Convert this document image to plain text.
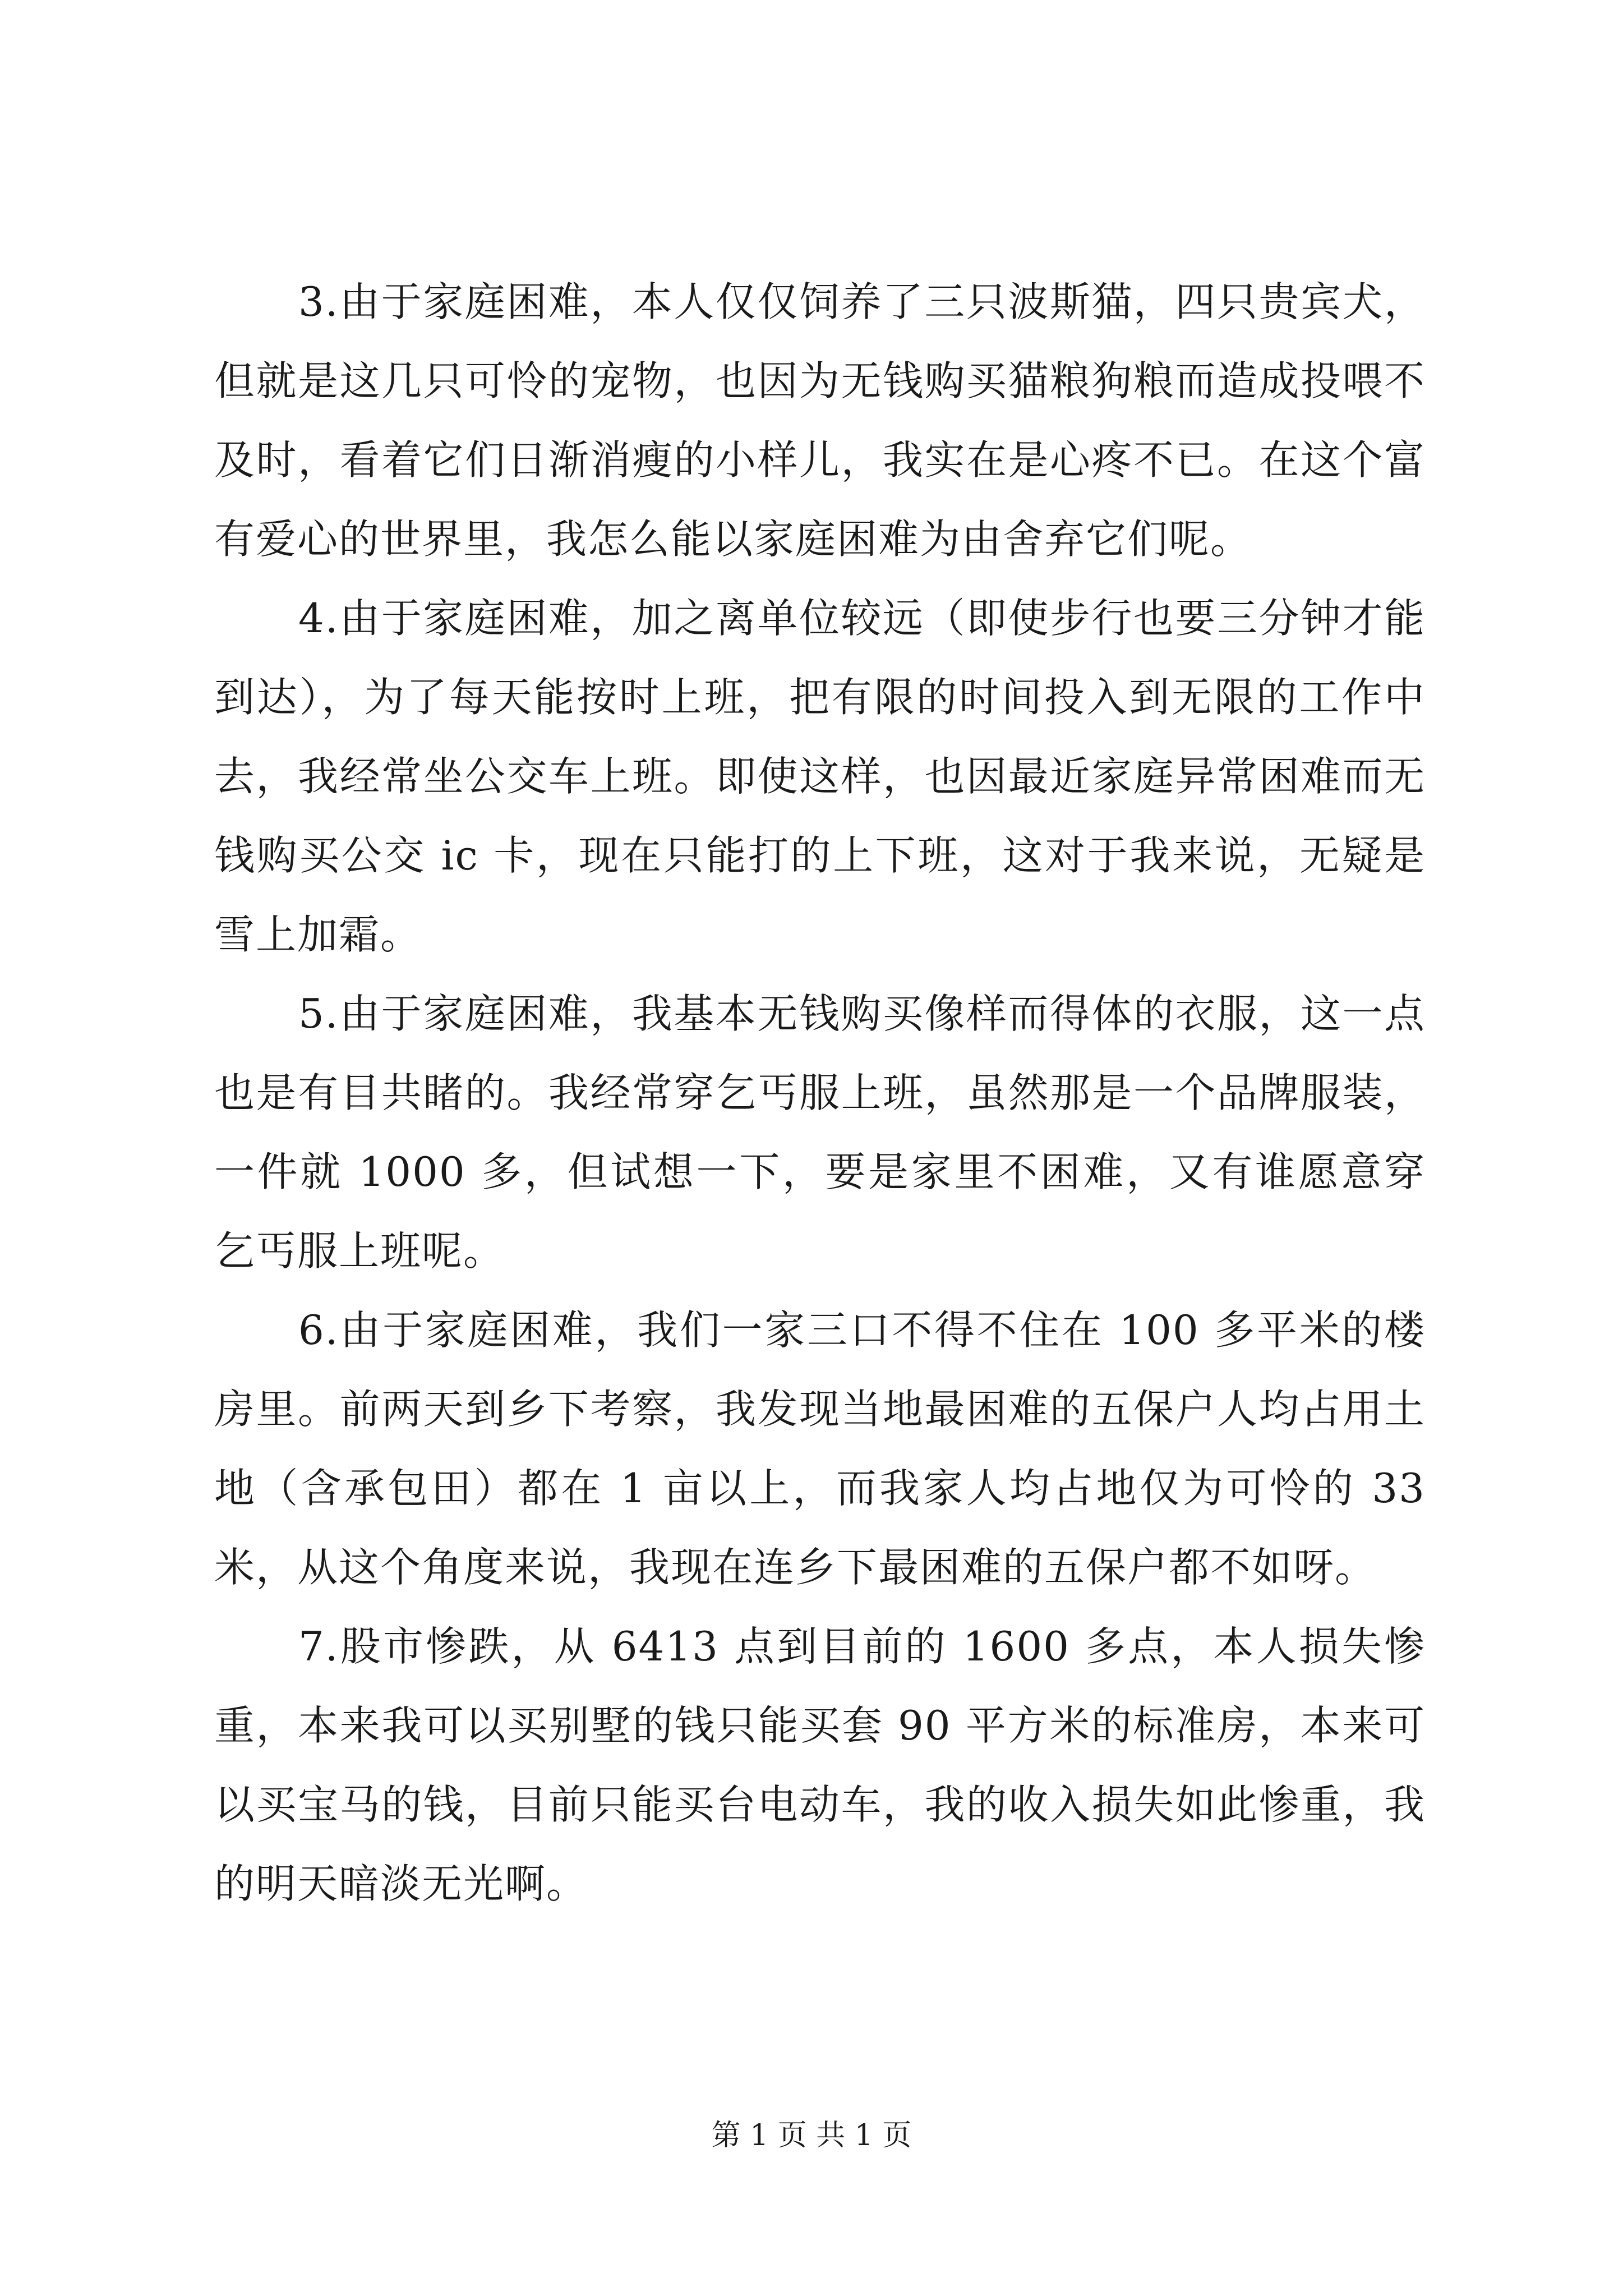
3.由于家庭困难，本人仅仅饲养了三只波斯猫，四只贵宾犬，但就是这几只可怜的宠物，也因为无钱购买猫粮狗粮而造成投喂不及时，看着它们日渐消瘦的小样儿，我实在是心疼不已。在这个富有爱心的世界里，我怎么能以家庭困难为由舍弃它们呢。

4.由于家庭困难，加之离单位较远（即使步行也要三分钟才能到达），为了每天能按时上班，把有限的时间投入到无限的工作中去，我经常坐公交车上班。即使这样，也因最近家庭异常困难而无钱购买公交 ic 卡，现在只能打的上下班，这对于我来说，无疑是雪上加霜。

5.由于家庭困难，我基本无钱购买像样而得体的衣服，这一点也是有目共睹的。我经常穿乞丐服上班，虽然那是一个品牌服装，一件就 1000 多，但试想一下，要是家里不困难，又有谁愿意穿乞丐服上班呢。

6.由于家庭困难，我们一家三口不得不住在 100 多平米的楼房里。前两天到乡下考察，我发现当地最困难的五保户人均占用土地（含承包田）都在 1 亩以上，而我家人均占地仅为可怜的 33 米，从这个角度来说，我现在连乡下最困难的五保户都不如呀。

7.股市惨跌，从 6413 点到目前的 1600 多点，本人损失惨重，本来我可以买别墅的钱只能买套 90 平方米的标准房，本来可以买宝马的钱，目前只能买台电动车，我的收入损失如此惨重，我的明天暗淡无光啊。

第 1 页 共 1 页
